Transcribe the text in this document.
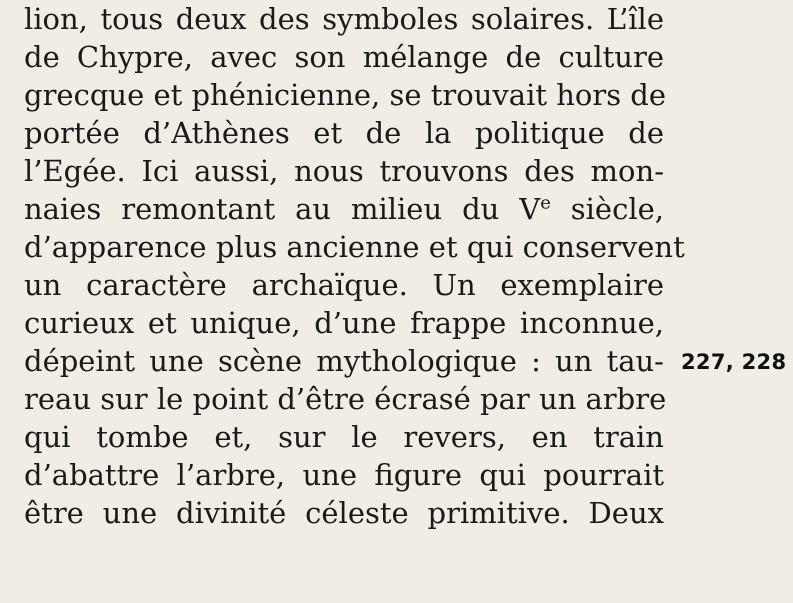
lion, tous deux des symboles solaires. L’île
de Chypre, avec son mélange de culture
grecque et phénicienne, se trouvait hors de
portée d’Athènes et de la politique de
l’Egée. Ici aussi, nous trouvons des mon-
naies remontant au milieu du Ve siècle,
d’apparence plus ancienne et qui conservent
un caractère archaïque. Un exemplaire
curieux et unique, d’une frappe inconnue,
dépeint une scène mythologique : un tau-
reau sur le point d’être écrasé par un arbre
qui tombe et, sur le revers, en train
d’abattre l’arbre, une figure qui pourrait
être une divinité céleste primitive. Deux
227, 228
